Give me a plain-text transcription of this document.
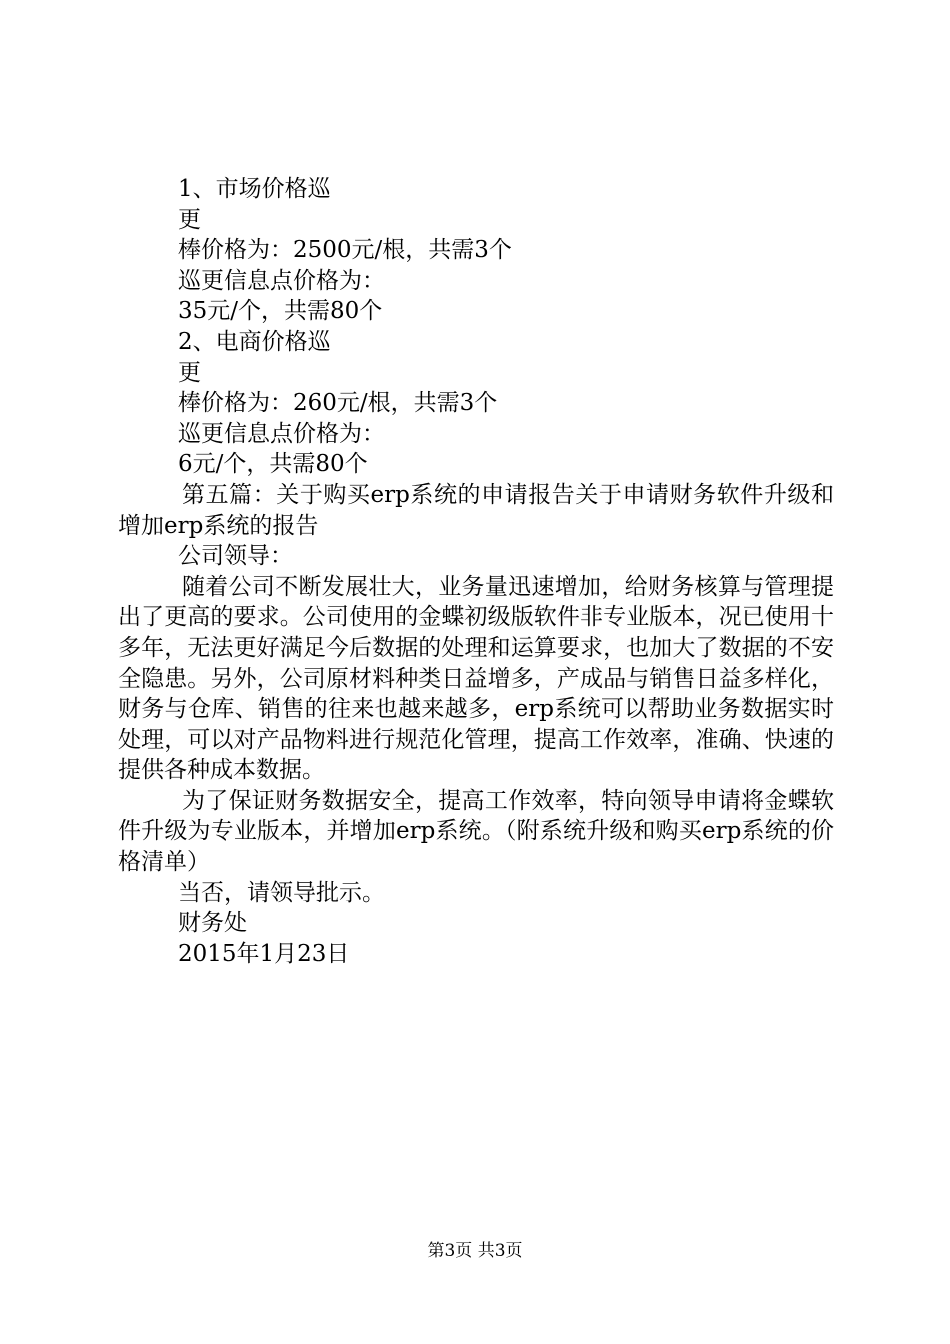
1、市场价格巡
更
棒价格为：2500元/根，共需3个
巡更信息点价格为：
35元/个，共需80个
2、电商价格巡
更
棒价格为：260元/根，共需3个
巡更信息点价格为：
6元/个，共需80个
第五篇：关于购买erp系统的申请报告关于申请财务软件升级和增加erp系统的报告
公司领导：
随着公司不断发展壮大，业务量迅速增加，给财务核算与管理提出了更高的要求。公司使用的金蝶初级版软件非专业版本，况已使用十多年，无法更好满足今后数据的处理和运算要求，也加大了数据的不安全隐患。另外，公司原材料种类日益增多，产成品与销售日益多样化，财务与仓库、销售的往来也越来越多，erp系统可以帮助业务数据实时处理，可以对产品物料进行规范化管理，提高工作效率，准确、快速的提供各种成本数据。
为了保证财务数据安全，提高工作效率，特向领导申请将金蝶软件升级为专业版本，并增加erp系统。（附系统升级和购买erp系统的价格清单）
当否，请领导批示。
财务处
2015年1月23日
第3页 共3页
